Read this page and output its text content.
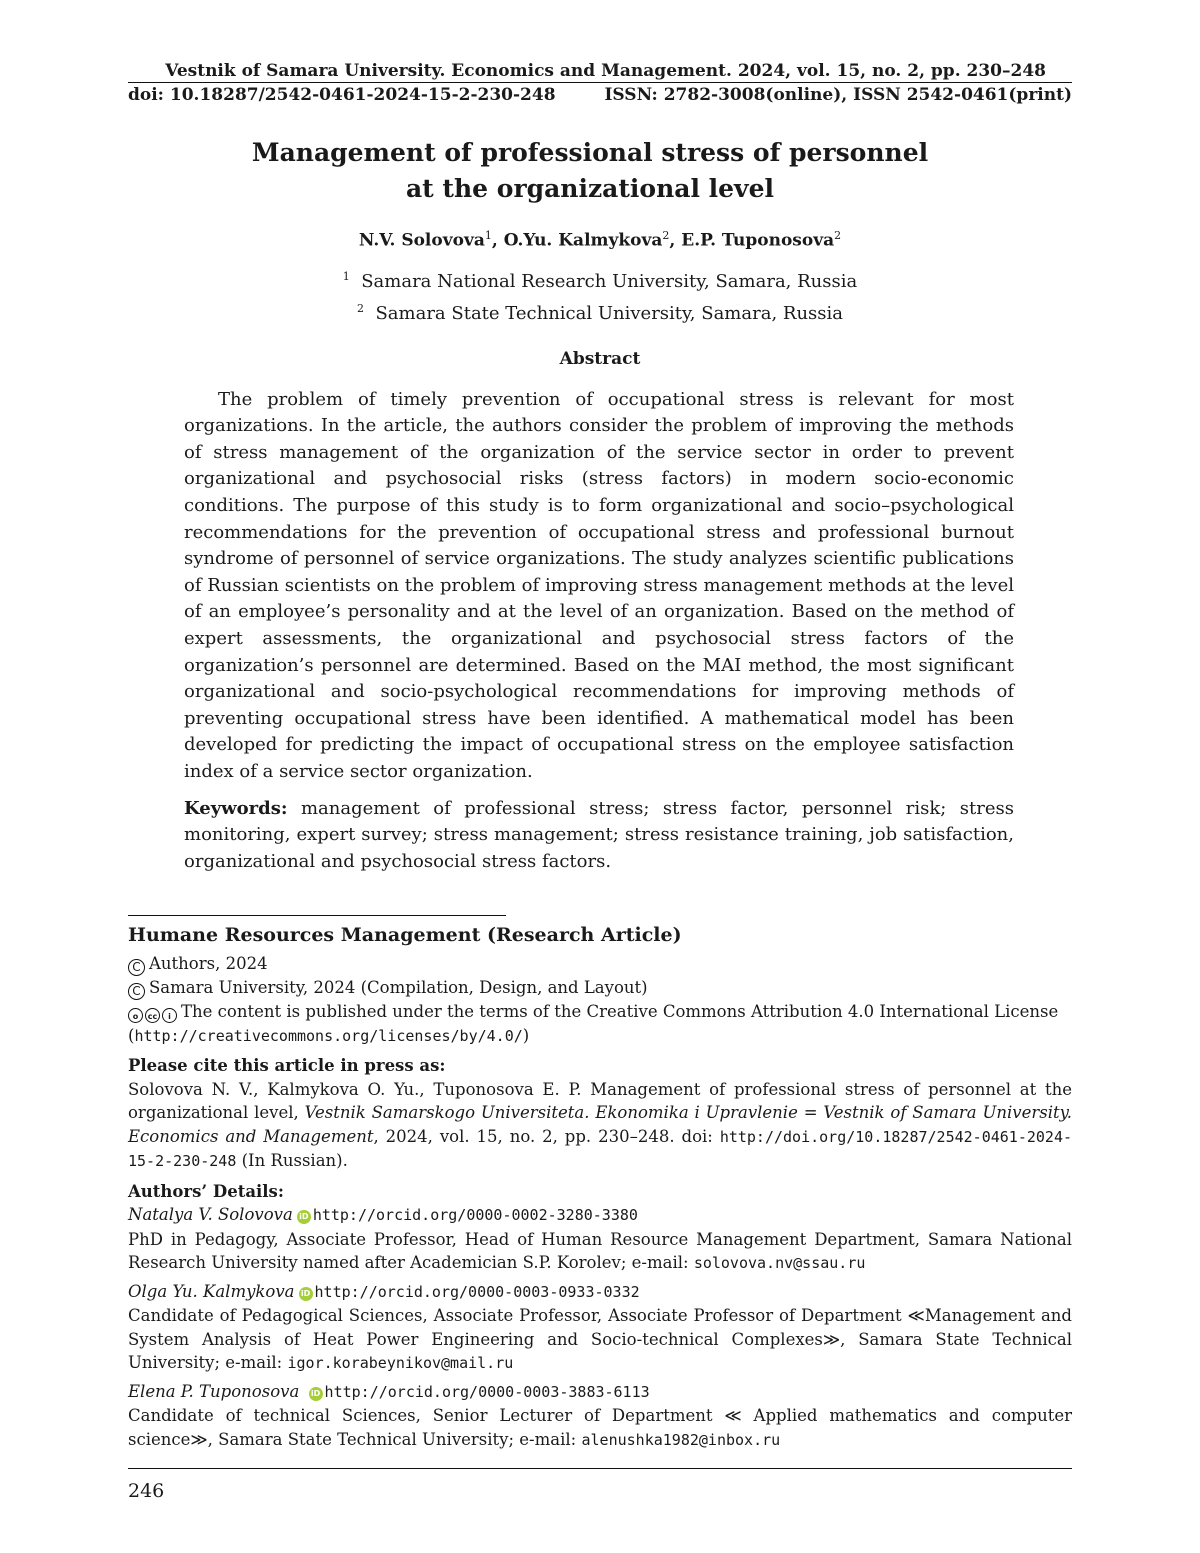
Vestnik of Samara University. Economics and Management. 2024, vol. 15, no. 2, pp. 230–248
doi: 10.18287/2542-0461-2024-15-2-230-248	ISSN: 2782-3008(online), ISSN 2542-0461(print)
Management of professional stress of personnel
at the organizational level
N.V. Solovova$^1$, O.Yu. Kalmykova$^2$, E.P. Tuponosova$^2$
$^1$ Samara National Research University, Samara, Russia
$^2$ Samara State Technical University, Samara, Russia
Abstract

The problem of timely prevention of occupational stress is relevant for most organizations. In the article, the authors consider the problem of improving the methods of stress management of the organization of the service sector in order to prevent organizational and psychosocial risks (stress factors) in modern socio-economic conditions. The purpose of this study is to form organizational and socio–psychological recommendations for the prevention of occupational stress and professional burnout syndrome of personnel of service organizations. The study analyzes scientific publications of Russian scientists on the problem of improving stress management methods at the level of an employee’s personality and at the level of an organization. Based on the method of expert assessments, the organizational and psychosocial stress factors of the organization’s personnel are determined. Based on the MAI method, the most significant organizational and socio-psychological recommendations for improving methods of preventing occupational stress have been identified. A mathematical model has been developed for predicting the impact of occupational stress on the employee satisfaction index of a service sector organization.

Keywords: management of professional stress; stress factor, personnel risk; stress monitoring, expert survey; stress management; stress resistance training, job satisfaction, organizational and psychosocial stress factors.

Humane Resources Management (Research Article)
C Authors, 2024
C Samara University, 2024 (Compilation, Design, and Layout)
o	cc	i The content is published under the terms of the Creative Commons Attribution 4.0 International License
(http://creativecommons.org/licenses/by/4.0/)
Please cite this article in press as:

Solovova N. V., Kalmykova O. Yu., Tuponosova E. P. Management of professional stress of personnel at the organizational level, Vestnik Samarskogo Universiteta. Ekonomika i Upravlenie = Vestnik of Samara University. Economics and Management, 2024, vol. 15, no. 2, pp. 230–248. doi: http://doi.org/10.18287/2542-0461-2024-15-2-230-248 (In Russian).

Authors’ Details:
Natalya V. Solovova iD http://orcid.org/0000-0002-3280-3380

PhD in Pedagogy, Associate Professor, Head of Human Resource Management Department, Samara National Research University named after Academician S.P. Korolev; e-mail: solovova.nv@ssau.ru

Olga Yu. Kalmykova iD http://orcid.org/0000-0003-0933-0332

Candidate of Pedagogical Sciences, Associate Professor, Associate Professor of Department ≪Management and System Analysis of Heat Power Engineering and Socio-technical Complexes≫, Samara State Technical University; e-mail: igor.korabeynikov@mail.ru

Elena P. Tuponosova iD http://orcid.org/0000-0003-3883-6113

Candidate of technical Sciences, Senior Lecturer of Department ≪ Applied mathematics and computer science≫, Samara State Technical University; e-mail: alenushka1982@inbox.ru

246
